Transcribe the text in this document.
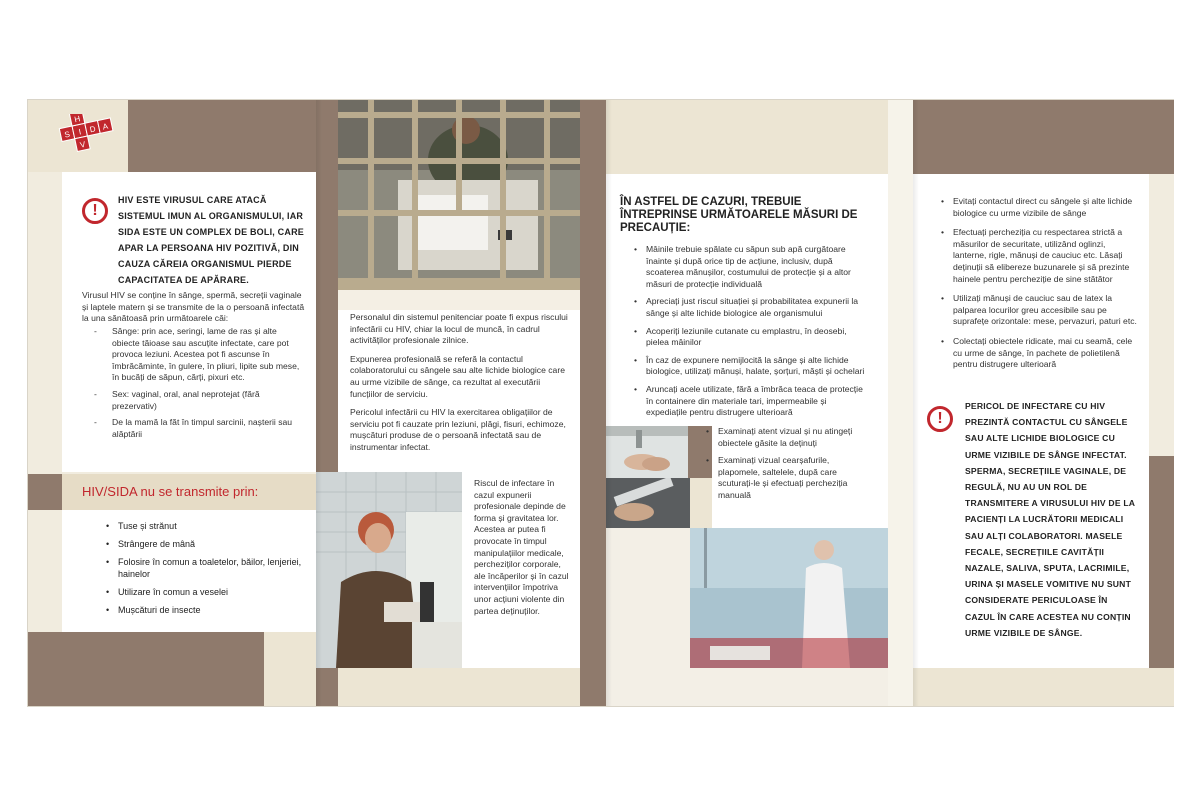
S I D A
H
V
!
HIV ESTE VIRUSUL CARE ATACĂ SISTEMUL IMUN AL ORGANISMULUI, IAR SIDA ESTE UN COMPLEX DE BOLI, CARE APAR LA PERSOANA HIV POZITIVĂ, DIN CAUZA CĂREIA ORGANISMUL PIERDE CAPACITATEA DE APĂRARE.
Virusul HIV se conține în sânge, spermă, secreții vaginale și laptele matern și se transmite de la o persoană infectată la una sănătoasă prin următoarele căi:
- Sânge: prin ace, seringi, lame de ras și alte obiecte tăioase sau ascuțite infectate, care pot provoca leziuni. Acestea pot fi ascunse în îmbrăcăminte, în gulere, în pliuri, lipite sub mese, în bucăți de săpun, cărți, pixuri etc.
- Sex: vaginal, oral, anal neprotejat (fără prezervativ)
- De la mamă la făt în timpul sarcinii, nașterii sau alăptării
HIV/SIDA nu se transmite prin:
• Tuse și strănut
• Strângere de mână
• Folosire în comun a toaletelor, băilor, lenjeriei, hainelor
• Utilizare în comun a veselei
• Mușcături de insecte

Personalul din sistemul penitenciar poate fi expus riscului infectării cu HIV, chiar la locul de muncă, în cadrul activităților profesionale zilnice.

Expunerea profesională se referă la contactul colaboratorului cu sângele sau alte lichide biologice care au urme vizibile de sânge, ca rezultat al executării funcțiilor de serviciu.

Pericolul infectării cu HIV la exercitarea obligațiilor de serviciu pot fi cauzate prin leziuni, plăgi, fisuri, echimoze, mușcături produse de o persoană infectată sau de instrumentar infectat.

Riscul de infectare în cazul expunerii profesionale depinde de forma și gravitatea lor. Acestea ar putea fi provocate în timpul manipulațiilor medicale, percheziților corporale, ale încăperilor și în cazul intervențiilor împotriva unor acțiuni violente din partea deținuților.
ÎN ASTFEL DE CAZURI, TREBUIE ÎNTREPRINSE URMĂTOARELE MĂSURI DE PRECAUȚIE:
• Mâinile trebuie spălate cu săpun sub apă curgătoare înainte și după orice tip de acțiune, inclusiv, după scoaterea mănușilor, costumului de protecție și a altor măsuri de protecție individuală
• Apreciați just riscul situației și probabilitatea expunerii la sânge și alte lichide biologice ale organismului
• Acoperiți leziunile cutanate cu emplastru, în deosebi, pielea mâinilor
• În caz de expunere nemijlocită la sânge și alte lichide biologice, utilizați mănuși, halate, șorțuri, măști și ochelari
• Aruncați acele utilizate, fără a îmbrăca teaca de protecție în containere din materiale tari, impermeabile și expediațile pentru distrugere ulterioară
• Examinați atent vizual și nu atingeți obiectele găsite la deținuți
• Examinați vizual cearșafurile, plapomele, saltelele, după care scuturați-le și efectuați percheziția manuală
• Evitați contactul direct cu sângele și alte lichide biologice cu urme vizibile de sânge
• Efectuați percheziția cu respectarea strictă a măsurilor de securitate, utilizând oglinzi, lanterne, rigle, mănuși de cauciuc etc. Lăsați deținuții să elibereze buzunarele și să prezinte hainele pentru percheziție de sine stătător
• Utilizați mănuși de cauciuc sau de latex la palparea locurilor greu accesibile sau pe suprafețe orizontale: mese, pervazuri, paturi etc.
• Colectați obiectele ridicate, mai cu seamă, cele cu urme de sânge, în pachete de polietilenă pentru distrugere ulterioară
!
PERICOL DE INFECTARE CU HIV PREZINTĂ CONTACTUL CU SÂNGELE SAU ALTE LICHIDE BIOLOGICE CU URME VIZIBILE DE SÂNGE INFECTAT. SPERMA, SECREȚIILE VAGINALE, DE REGULĂ, NU AU UN ROL DE TRANSMITERE A VIRUSULUI HIV DE LA PACIENȚI LA LUCRĂTORII MEDICALI SAU ALȚI COLABORATORI. MASELE FECALE, SECREȚIILE CAVITĂȚII NAZALE, SALIVA, SPUTA, LACRIMILE, URINA ȘI MASELE VOMITIVE NU SUNT CONSIDERATE PERICULOASE ÎN CAZUL ÎN CARE ACESTEA NU CONȚIN URME VIZIBILE DE SÂNGE.
